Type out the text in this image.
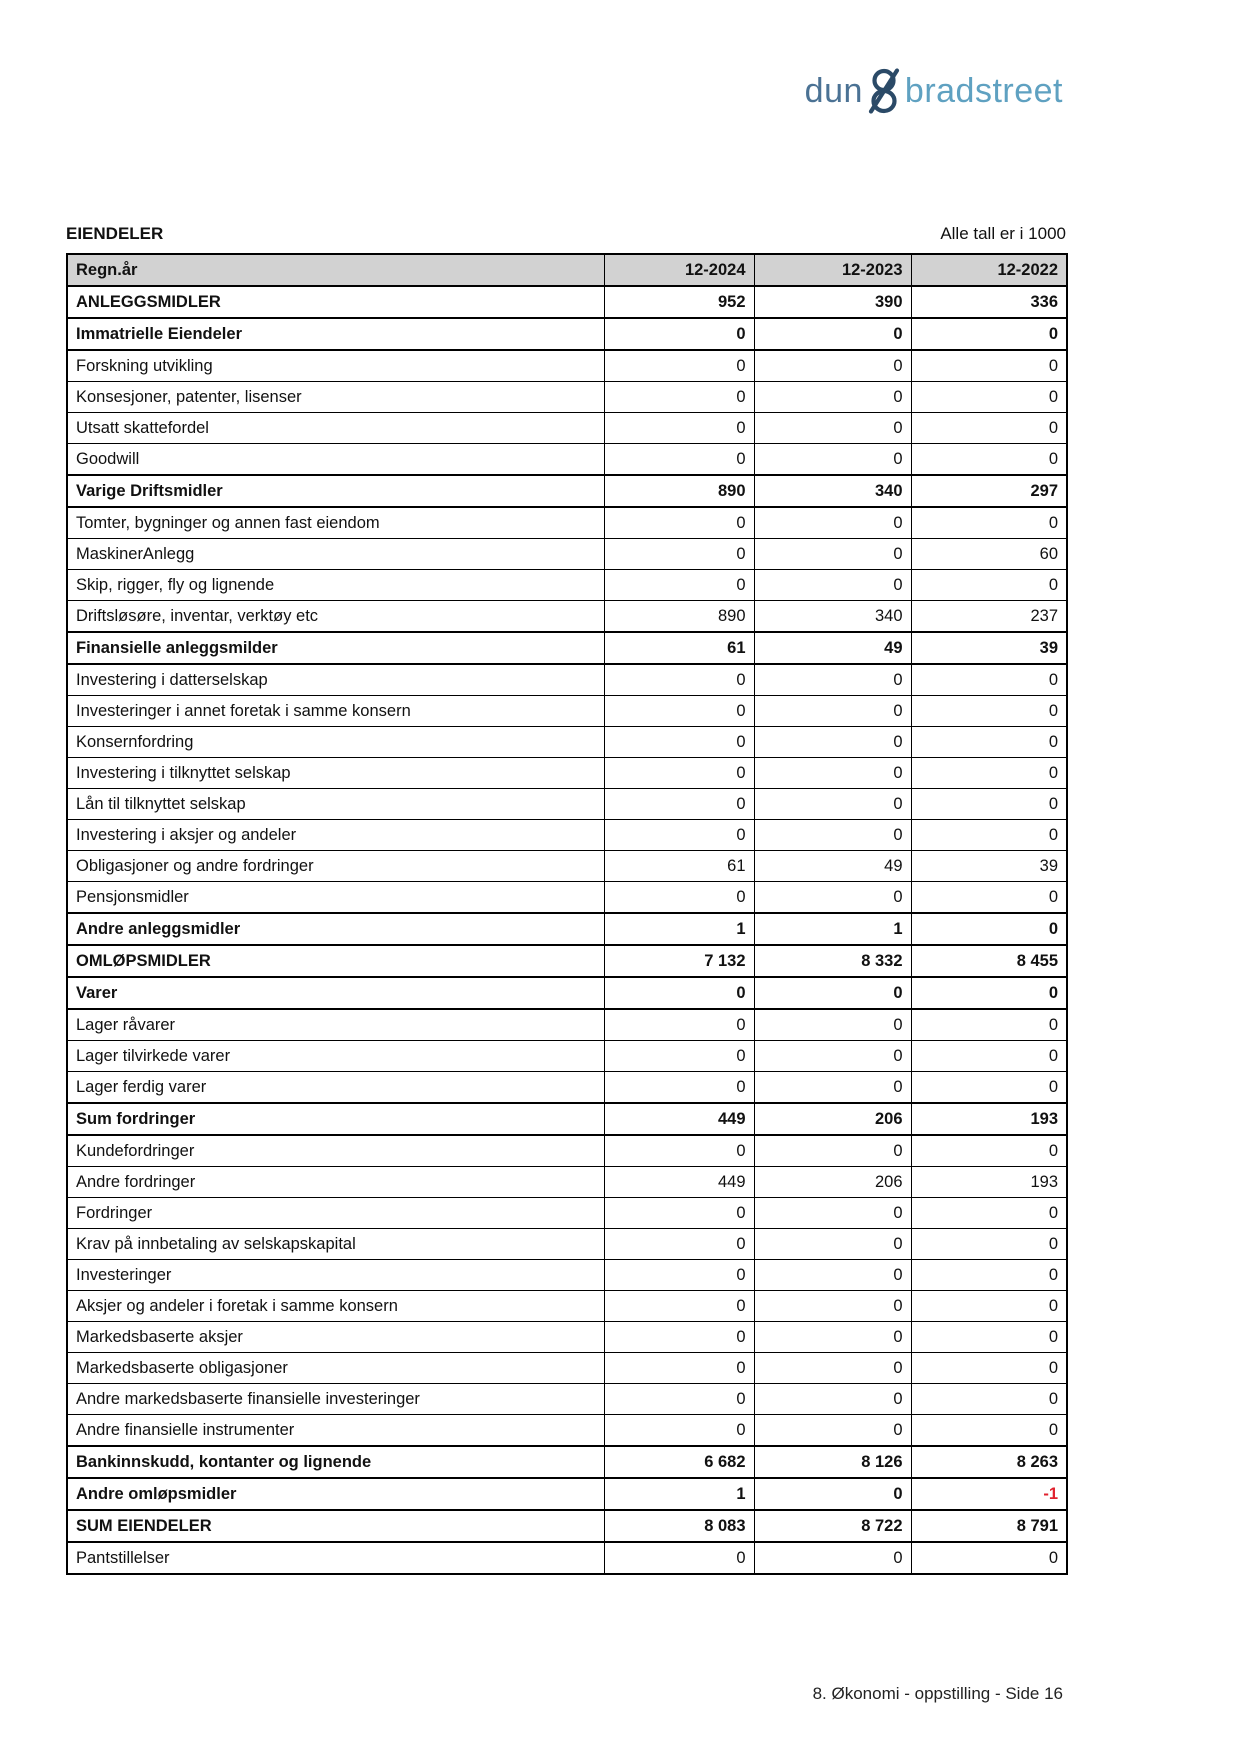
dun bradstreet
EIENDELER	Alle tall er i 1000
Regn.år	12-2024	12-2023	12-2022
ANLEGGSMIDLER	952	390	336
Immatrielle Eiendeler	0	0	0
Forskning utvikling	0	0	0
Konsesjoner, patenter, lisenser	0	0	0
Utsatt skattefordel	0	0	0
Goodwill	0	0	0
Varige Driftsmidler	890	340	297
Tomter, bygninger og annen fast eiendom	0	0	0
MaskinerAnlegg	0	0	60
Skip, rigger, fly og lignende	0	0	0
Driftsløsøre, inventar, verktøy etc	890	340	237
Finansielle anleggsmilder	61	49	39
Investering i datterselskap	0	0	0
Investeringer i annet foretak i samme konsern	0	0	0
Konsernfordring	0	0	0
Investering i tilknyttet selskap	0	0	0
Lån til tilknyttet selskap	0	0	0
Investering i aksjer og andeler	0	0	0
Obligasjoner og andre fordringer	61	49	39
Pensjonsmidler	0	0	0
Andre anleggsmidler	1	1	0
OMLØPSMIDLER	7 132	8 332	8 455
Varer	0	0	0
Lager råvarer	0	0	0
Lager tilvirkede varer	0	0	0
Lager ferdig varer	0	0	0
Sum fordringer	449	206	193
Kundefordringer	0	0	0
Andre fordringer	449	206	193
Fordringer	0	0	0
Krav på innbetaling av selskapskapital	0	0	0
Investeringer	0	0	0
Aksjer og andeler i foretak i samme konsern	0	0	0
Markedsbaserte aksjer	0	0	0
Markedsbaserte obligasjoner	0	0	0
Andre markedsbaserte finansielle investeringer	0	0	0
Andre finansielle instrumenter	0	0	0
Bankinnskudd, kontanter og lignende	6 682	8 126	8 263
Andre omløpsmidler	1	0	-1
SUM EIENDELER	8 083	8 722	8 791
Pantstillelser	0	0	0
8. Økonomi - oppstilling - Side 16
